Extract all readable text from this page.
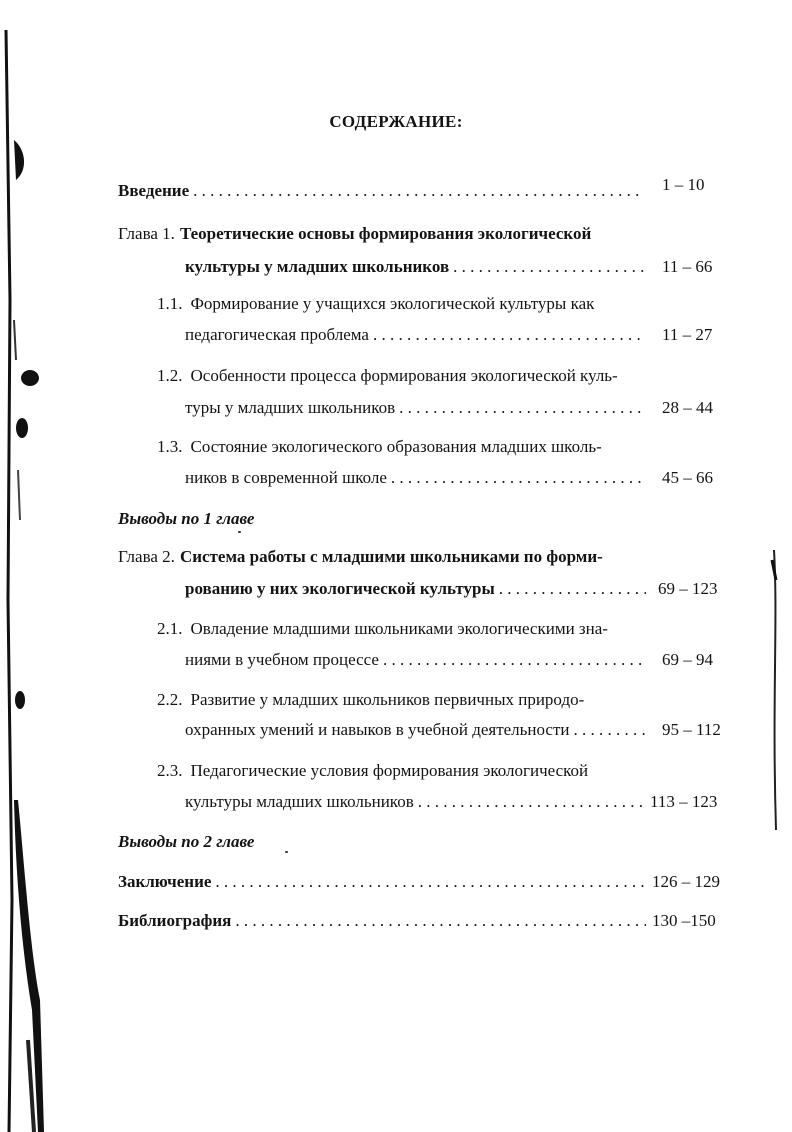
СОДЕРЖАНИЕ:
Введение . . .	1 – 10
Глава 1. Теоретические основы формирования экологической
культуры у младших школьников . . .	11 – 66
1.1. Формирование у учащихся экологической культуры как
педагогическая проблема . . .	11 – 27
1.2. Особенности процесса формирования экологической куль-
туры у младших школьников . . .	28 – 44
1.3. Состояние экологического образования младших школь-
ников в современной школе . . .	45 – 66
Выводы по 1 главе
Глава 2. Система работы с младшими школьниками по форми-
рованию у них экологической культуры . . .	69 – 123
2.1. Овладение младшими школьниками экологическими зна-
ниями в учебном процессе . . .	69 – 94
2.2. Развитие у младших школьников первичных природо-
охранных умений и навыков в учебной деятельности . . .	95 – 112
2.3. Педагогические условия формирования экологической
культуры младших школьников . . .	113 – 123
Выводы по 2 главе
Заключение . . .	126 – 129
Библиография . . .	130 –150
